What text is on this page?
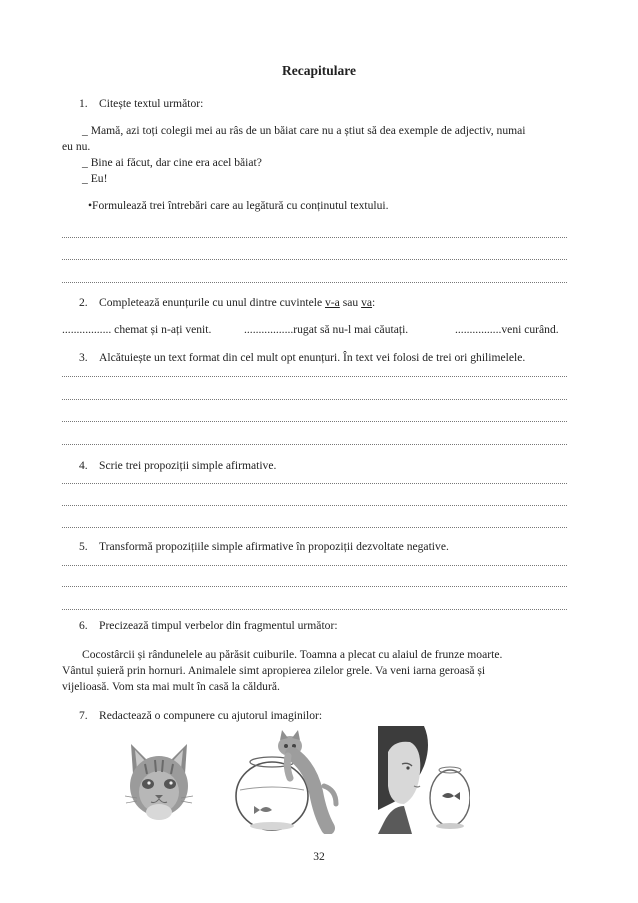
Recapitulare
1. Citește textul următor:
_ Mamă, azi toți colegii mei au râs de un băiat care nu a știut să dea exemple de adjectiv, numai
eu nu.
_ Bine ai făcut, dar cine era acel băiat?
_ Eu!
•Formulează trei întrebări care au legătură cu conținutul textului.
2. Completează enunțurile cu unul dintre cuvintele v-a sau va:
................. chemat și n-ați venit.	.................rugat să nu-l mai căutați.	................veni curând.
3. Alcătuiește un text format din cel mult opt enunțuri. În text vei folosi de trei ori ghilimelele.
4. Scrie trei propoziții simple afirmative.
5. Transformă propozițiile simple afirmative în propoziții dezvoltate negative.
6. Precizează timpul verbelor din fragmentul următor:
Cocostârcii și rândunelele au părăsit cuiburile. Toamna a plecat cu alaiul de frunze moarte.
Vântul șuieră prin hornuri. Animalele simt apropierea zilelor grele. Va veni iarna geroasă și
vijelioasă. Vom sta mai mult în casă la căldură.
7. Redactează o compunere cu ajutorul imaginilor:
32
